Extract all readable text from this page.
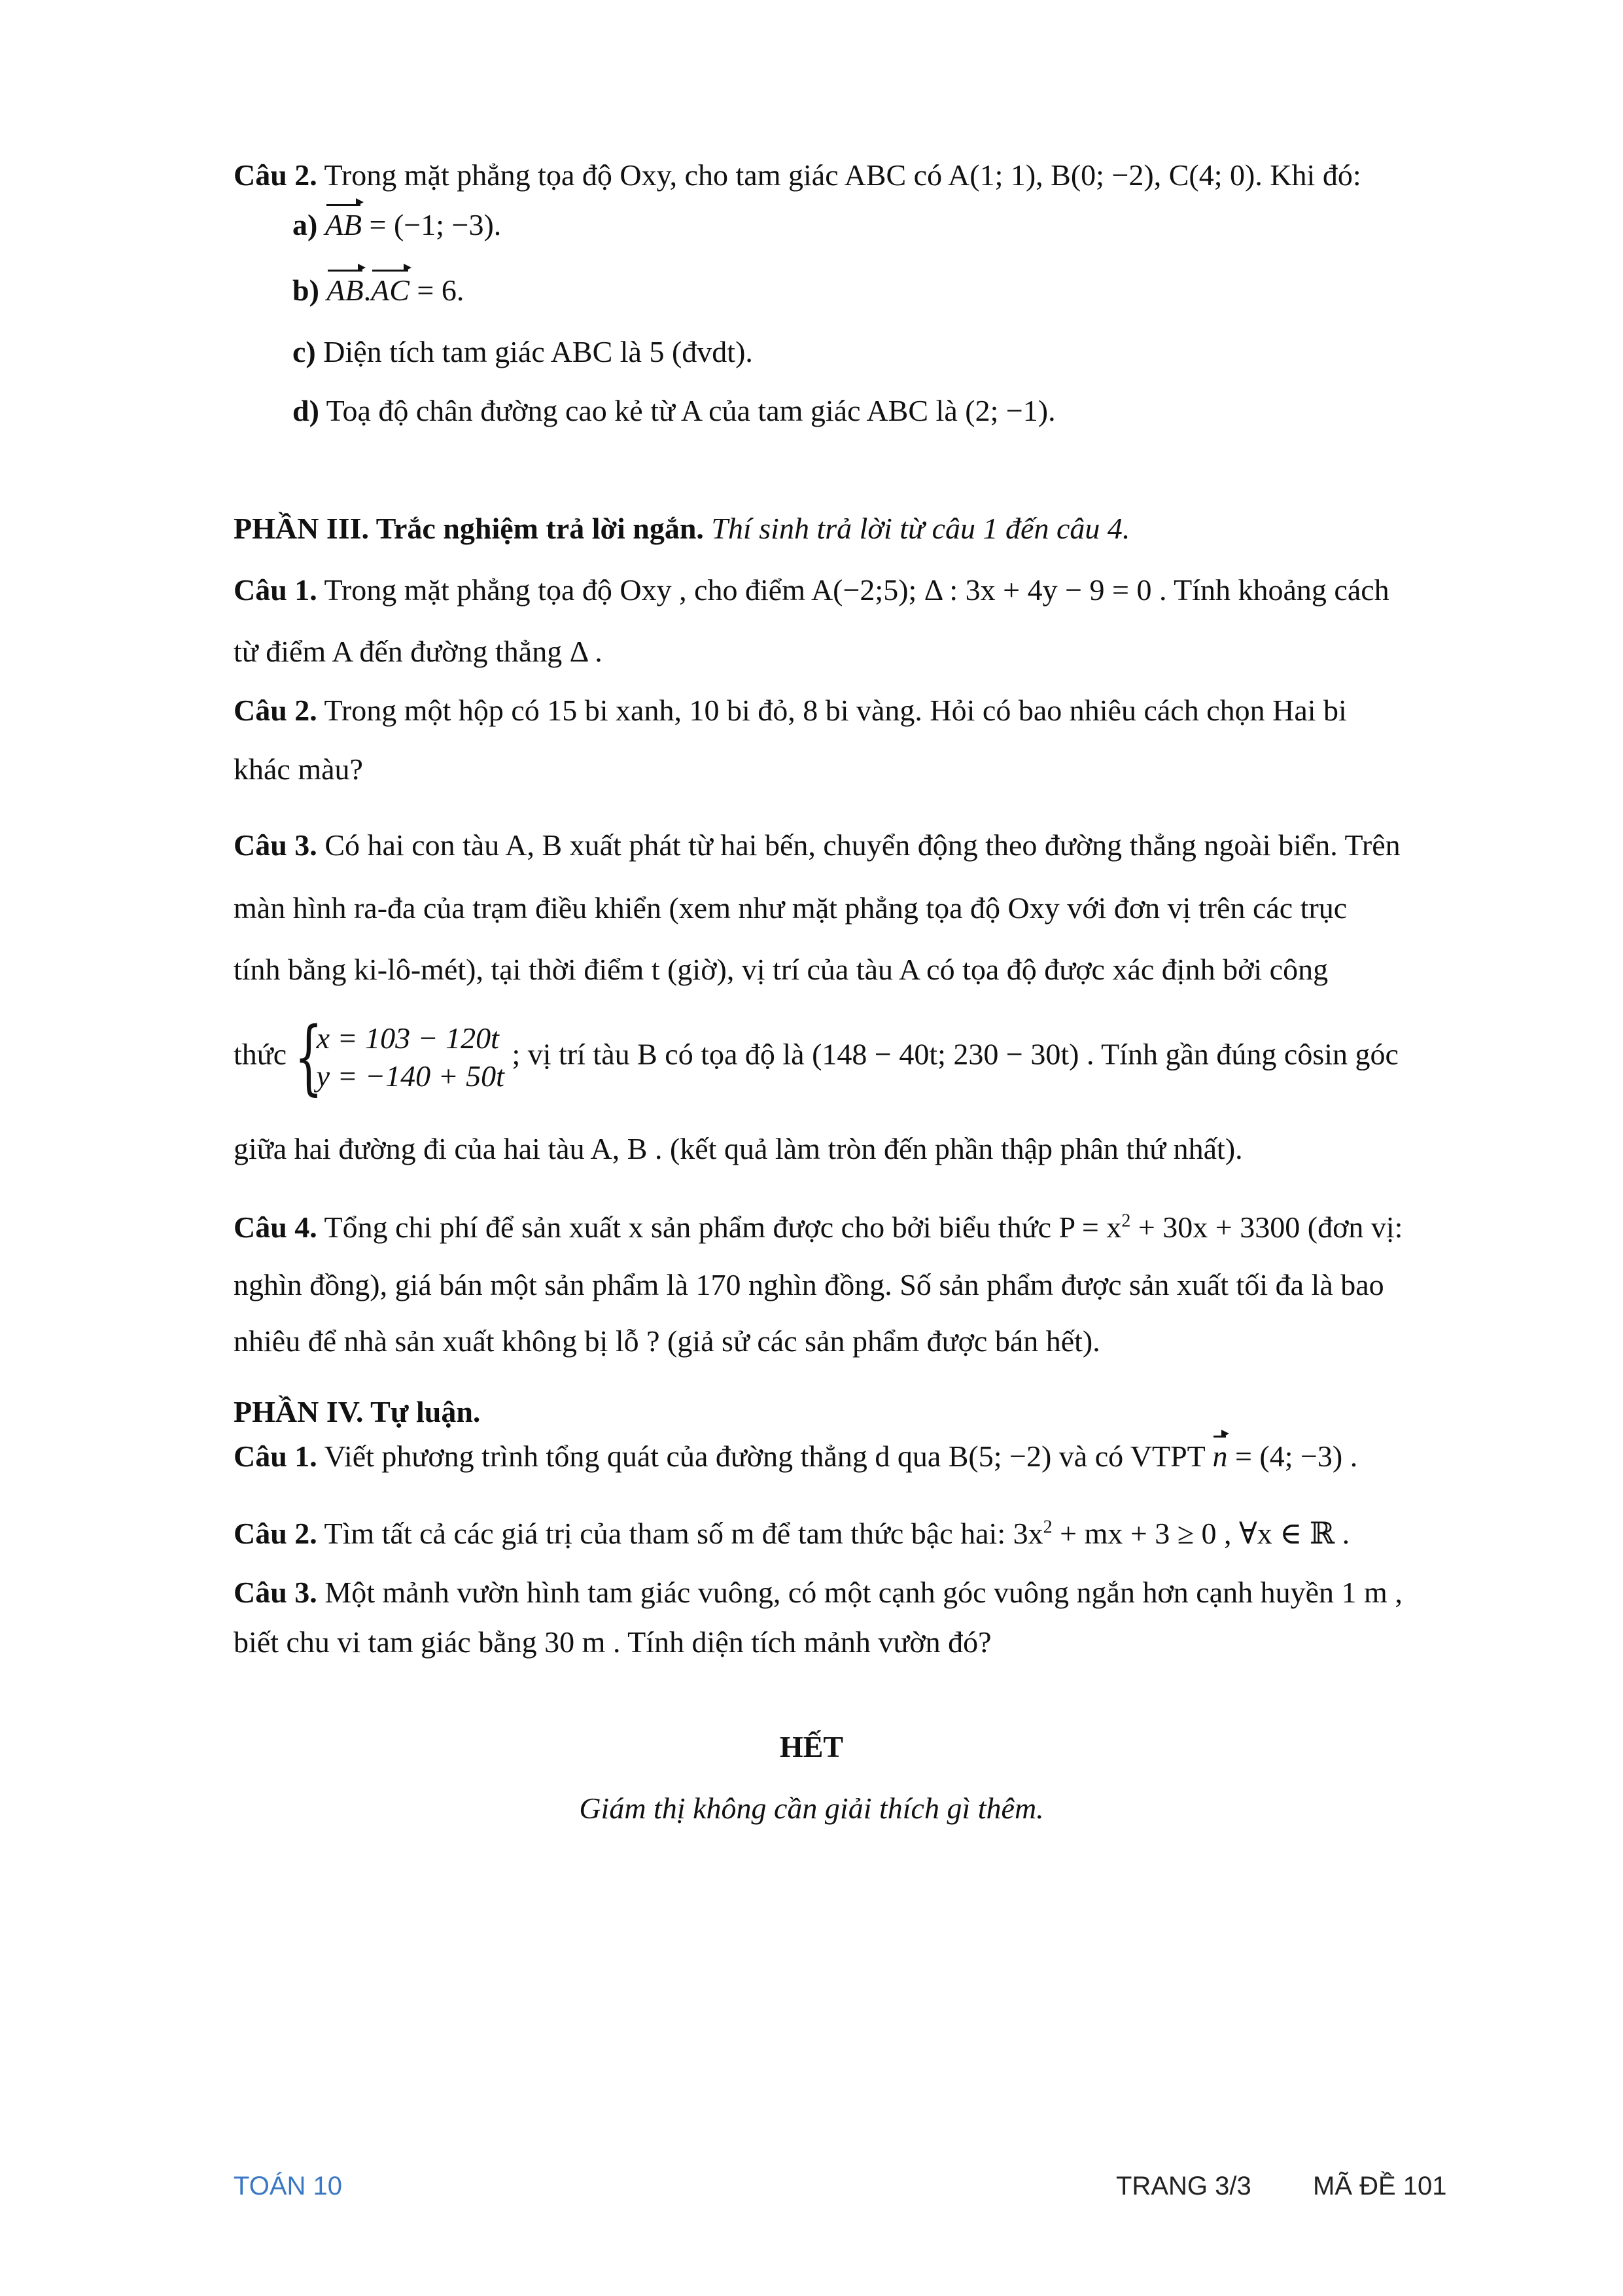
Câu 2. Trong mặt phẳng tọa độ Oxy, cho tam giác ABC có A(1; 1), B(0; −2), C(4; 0). Khi đó:
a) AB = (−1; −3).
b) AB.AC = 6.
c) Diện tích tam giác ABC là 5 (đvdt).
d) Toạ độ chân đường cao kẻ từ A của tam giác ABC là (2; −1).
PHẦN III. Trắc nghiệm trả lời ngắn. Thí sinh trả lời từ câu 1 đến câu 4.
Câu 1. Trong mặt phẳng tọa độ Oxy , cho điểm A(−2;5); Δ : 3x + 4y − 9 = 0 . Tính khoảng cách
từ điểm A đến đường thẳng Δ .
Câu 2. Trong một hộp có 15 bi xanh, 10 bi đỏ, 8 bi vàng. Hỏi có bao nhiêu cách chọn Hai bi
khác màu?
Câu 3. Có hai con tàu A, B xuất phát từ hai bến, chuyển động theo đường thẳng ngoài biển. Trên
màn hình ra-đa của trạm điều khiển (xem như mặt phẳng tọa độ Oxy với đơn vị trên các trục
tính bằng ki-lô-mét), tại thời điểm t (giờ), vị trí của tàu A có tọa độ được xác định bởi công
thức {
x = 103 − 120t
y = −140 + 50t
; vị trí tàu B có tọa độ là (148 − 40t; 230 − 30t) . Tính gần đúng côsin góc
giữa hai đường đi của hai tàu A, B . (kết quả làm tròn đến phần thập phân thứ nhất).
Câu 4. Tổng chi phí để sản xuất x sản phẩm được cho bởi biểu thức $P = x^2 + 30x + 3300$ (đơn vị:
nghìn đồng), giá bán một sản phẩm là 170 nghìn đồng. Số sản phẩm được sản xuất tối đa là bao
nhiêu để nhà sản xuất không bị lỗ ? (giả sử các sản phẩm được bán hết).
PHẦN IV. Tự luận.
Câu 1. Viết phương trình tổng quát của đường thẳng d qua B(5; −2) và có VTPT n = (4; −3) .
Câu 2. Tìm tất cả các giá trị của tham số m để tam thức bậc hai: $3x^2$ + mx + 3 ≥ 0 , ∀x ∈ ℝ .
Câu 3. Một mảnh vườn hình tam giác vuông, có một cạnh góc vuông ngắn hơn cạnh huyền 1 m ,
biết chu vi tam giác bằng 30 m . Tính diện tích mảnh vườn đó?
HẾT
Giám thị không cần giải thích gì thêm.
TOÁN 10	TRANG 3/3 MÃ ĐỀ 101
